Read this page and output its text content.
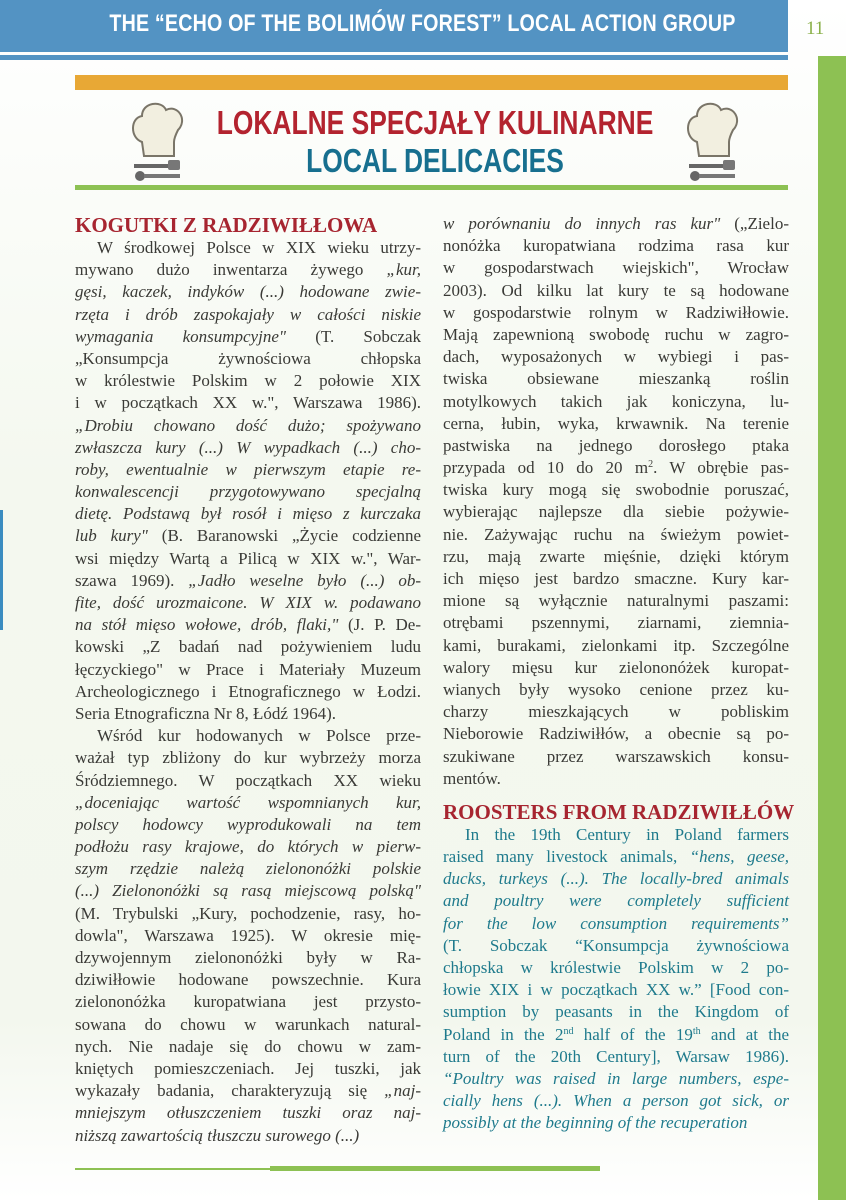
THE “ECHO OF THE BOLIMÓW FOREST” LOCAL ACTION GROUP	11
LOKALNE SPECJAŁY KULINARNE
LOCAL DELICACIES
KOGUTKI Z RADZIWIŁŁOWA
W środkowej Polsce w XIX wieku utrzy-
mywano dużo inwentarza żywego „kur,
gęsi, kaczek, indyków (...) hodowane zwie-
rzęta i drób zaspokajały w całości niskie
wymagania konsumpcyjne" (T. Sobczak
„Konsumpcja żywnościowa chłopska
w królestwie Polskim w 2 połowie XIX
i w początkach XX w.", Warszawa 1986).
„Drobiu chowano dość dużo; spożywano
zwłaszcza kury (...) W wypadkach (...) cho-
roby, ewentualnie w pierwszym etapie re-
konwalescencji przygotowywano specjalną
dietę. Podstawą był rosół i mięso z kurczaka
lub kury" (B. Baranowski „Życie codzienne
wsi między Wartą a Pilicą w XIX w.", War-
szawa 1969). „Jadło weselne było (...) ob-
fite, dość urozmaicone. W XIX w. podawano
na stół mięso wołowe, drób, flaki," (J. P. De-
kowski „Z badań nad pożywieniem ludu
łęczyckiego" w Prace i Materiały Muzeum
Archeologicznego i Etnograficznego w Łodzi.
Seria Etnograficzna Nr 8, Łódź 1964).
Wśród kur hodowanych w Polsce prze-
ważał typ zbliżony do kur wybrzeży morza
Śródziemnego. W początkach XX wieku
„doceniając wartość wspomnianych kur,
polscy hodowcy wyprodukowali na tem
podłożu rasy krajowe, do których w pierw-
szym rzędzie należą zielononóżki polskie
(...) Zielononóżki są rasą miejscową polską"
(M. Trybulski „Kury, pochodzenie, rasy, ho-
dowla", Warszawa 1925). W okresie mię-
dzywojennym zielononóżki były w Ra-
dziwiłłowie hodowane powszechnie. Kura
zielononóżka kuropatwiana jest przysto-
sowana do chowu w warunkach natural-
nych. Nie nadaje się do chowu w zam-
kniętych pomieszczeniach. Jej tuszki, jak
wykazały badania, charakteryzują się „naj-
mniejszym otłuszczeniem tuszki oraz naj-
niższą zawartością tłuszczu surowego (...)
w porównaniu do innych ras kur" („Zielo-
nonóżka kuropatwiana rodzima rasa kur
w gospodarstwach wiejskich", Wrocław
2003). Od kilku lat kury te są hodowane
w gospodarstwie rolnym w Radziwiłłowie.
Mają zapewnioną swobodę ruchu w zagro-
dach, wyposażonych w wybiegi i pas-
twiska obsiewane mieszanką roślin
motylkowych takich jak koniczyna, lu-
cerna, łubin, wyka, krwawnik. Na terenie
pastwiska na jednego dorosłego ptaka
przypada od 10 do 20 $m^2$. W obrębie pas-
twiska kury mogą się swobodnie poruszać,
wybierając najlepsze dla siebie pożywie-
nie. Zażywając ruchu na świeżym powiet-
rzu, mają zwarte mięśnie, dzięki którym
ich mięso jest bardzo smaczne. Kury kar-
mione są wyłącznie naturalnymi paszami:
otrębami pszennymi, ziarnami, ziemnia-
kami, burakami, zielonkami itp. Szczególne
walory mięsu kur zielononóżek kuropat-
wianych były wysoko cenione przez ku-
charzy mieszkających w pobliskim
Nieborowie Radziwiłłów, a obecnie są po-
szukiwane przez warszawskich konsu-
mentów.
ROOSTERS FROM RADZIWIŁŁÓW
In the 19th Century in Poland farmers
raised many livestock animals, “hens, geese,
ducks, turkeys (...). The locally-bred animals
and poultry were completely sufficient
for the low consumption requirements”
(T. Sobczak “Konsumpcja żywnościowa
chłopska w królestwie Polskim w 2 po-
łowie XIX i w początkach XX w.” [Food con-
sumption by peasants in the Kingdom of
Poland in the 2nd half of the 19th and at the
turn of the 20th Century], Warsaw 1986).
“Poultry was raised in large numbers, espe-
cially hens (...). When a person got sick, or
possibly at the beginning of the recuperation
